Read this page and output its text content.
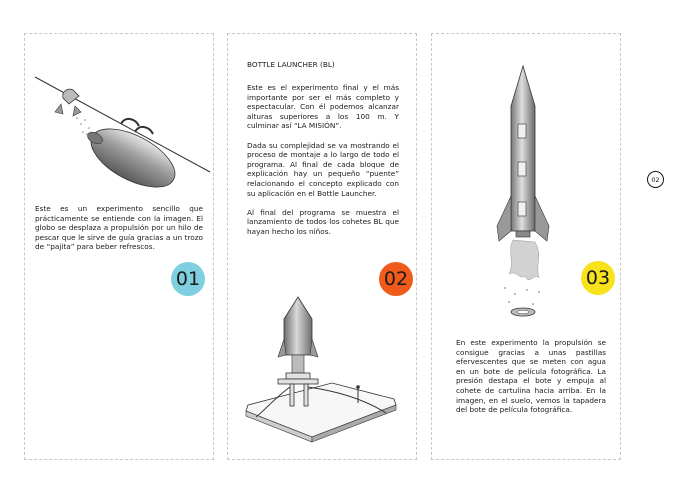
Este es un experimento sencillo que prácticamente se entiende con la imagen. El globo se desplaza a propulsión por un hilo de pescar que le sirve de guía gracias a un trozo de “pajita” para beber refrescos.
01
BOTTLE LAUNCHER (BL)

Este es el experimento final y el más importante por ser el más completo y espectacular. Con él podemos alcanzar alturas superiores a los 100 m. Y culminar así “LA MISIÓN”.

Dada su complejidad se va mostrando el proceso de montaje a lo largo de todo el programa. Al final de cada bloque de explicación hay un pequeño “puente” relacionando el concepto explicado con su aplicación en el Bottle Launcher.

Al final del programa se muestra el lanzamiento de todos los cohetes BL que hayan hecho los niños.

02	03
En este experimento la propulsión se consigue gracias a unas pastillas efervescentes que se meten con agua en un bote de película fotográfica. La presión destapa el bote y empuja al cohete de cartulina hacia arriba. En la imagen, en el suelo, vemos la tapadera del bote de película fotográfica.
02
